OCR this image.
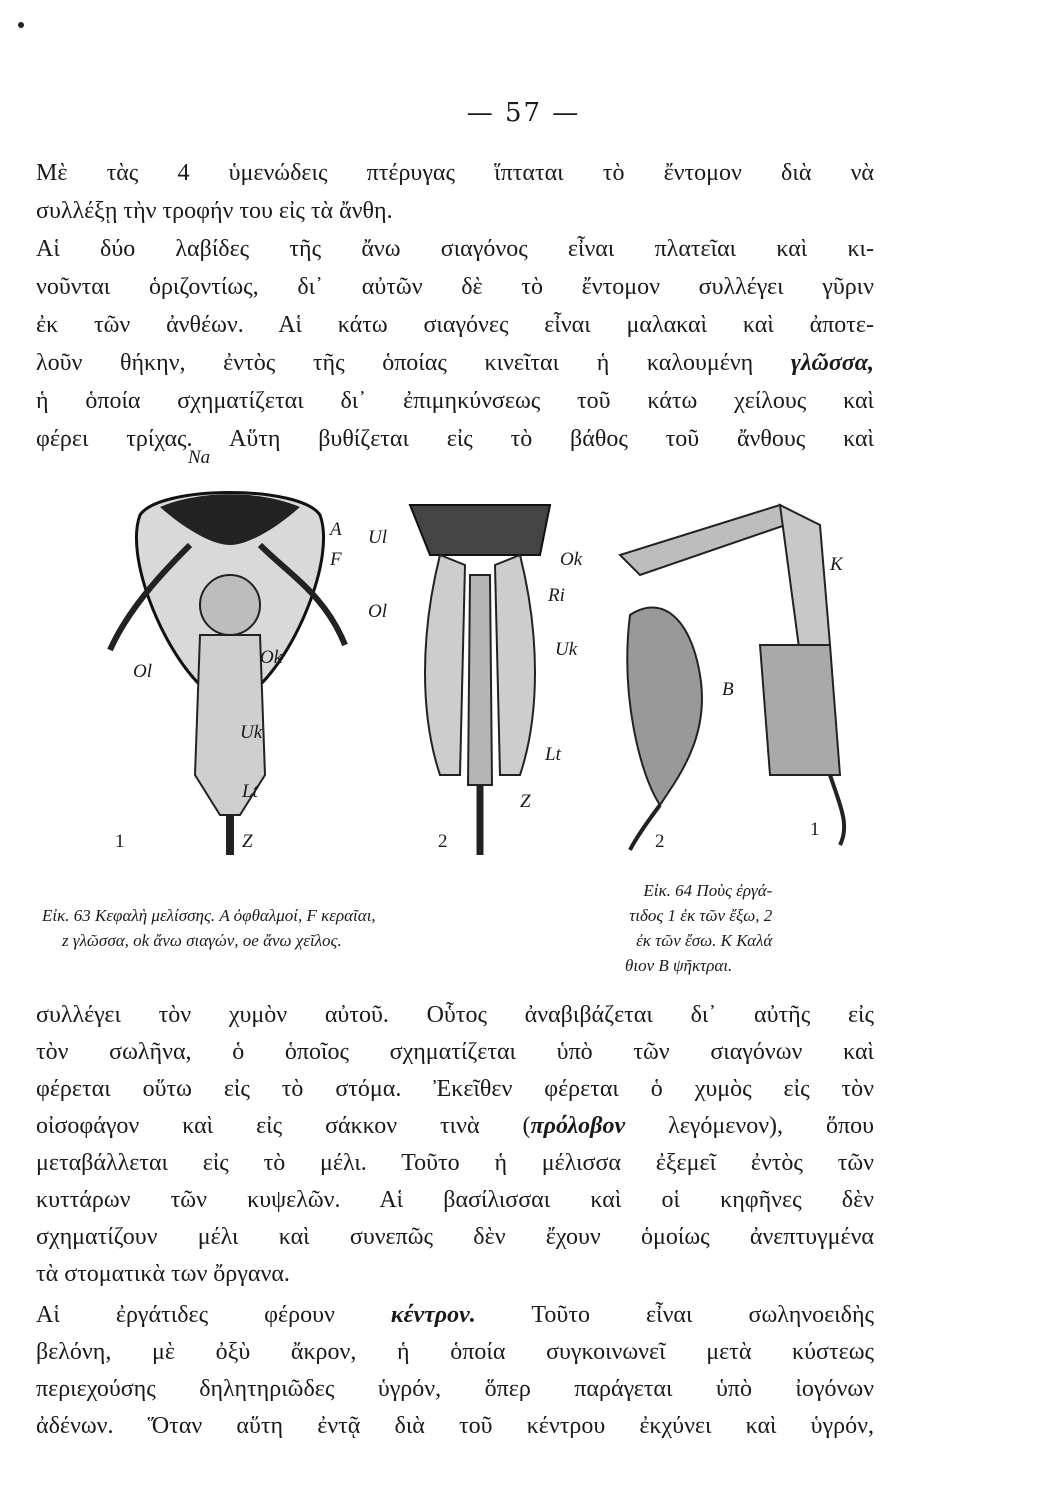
— 57 —
Μὲ τὰς 4 ὑμενώδεις πτέρυγας ἵπταται τὸ ἔντομον διὰ νὰ
συλλέξῃ τὴν τροφήν του εἰς τὰ ἄνθη.
Αἱ δύο λαβίδες τῆς ἄνω σιαγόνος εἶναι πλατεῖαι καὶ κι-
νοῦνται ὁριζοντίως, δι᾽ αὐτῶν δὲ τὸ ἔντομον συλλέγει γῦριν
ἐκ τῶν ἀνθέων. Αἱ κάτω σιαγόνες εἶναι μαλακαὶ καὶ ἀποτε-
λοῦν θήκην, ἐντὸς τῆς ὁποίας κινεῖται ἡ καλουμένη γλῶσσα,
ἡ ὁποία σχηματίζεται δι᾽ ἐπιμηκύνσεως τοῦ κάτω χείλους καὶ
φέρει τρίχας. Αὕτη βυθίζεται εἰς τὸ βάθος τοῦ ἄνθους καὶ
Na
A
F
Ol
Ok
Uk
Lt
Z
1
Ul
Ok
Ol
Ri
Uk
Lt
Z
2
K
B
2
1
Εἰκ. 63 Κεφαλὴ μελίσσης. A ὀφθαλμοί, F κεραῖαι,
z γλῶσσα, ok ἄνω σιαγών, oe ἄνω χεῖλος.
Εἰκ. 64 Ποὺς ἐργά-
τιδος 1 ἐκ τῶν ἔξω, 2
ἐκ τῶν ἔσω. K Καλά
θιον B ψῆκτραι.
συλλέγει τὸν χυμὸν αὐτοῦ. Οὗτος ἀναβιβάζεται δι᾽ αὐτῆς εἰς
τὸν σωλῆνα, ὁ ὁποῖος σχηματίζεται ὑπὸ τῶν σιαγόνων καὶ
φέρεται οὕτω εἰς τὸ στόμα. Ἐκεῖθεν φέρεται ὁ χυμὸς εἰς τὸν
οἰσοφάγον καὶ εἰς σάκκον τινὰ (πρόλοβον λεγόμενον), ὅπου
μεταβάλλεται εἰς τὸ μέλι. Τοῦτο ἡ μέλισσα ἐξεμεῖ ἐντὸς τῶν
κυττάρων τῶν κυψελῶν. Αἱ βασίλισσαι καὶ οἱ κηφῆνες δὲν
σχηματίζουν μέλι καὶ συνεπῶς δὲν ἔχουν ὁμοίως ἀνεπτυγμένα
τὰ στοματικὰ των ὄργανα.
Αἱ ἐργάτιδες φέρουν κέντρον. Τοῦτο εἶναι σωληνοειδὴς
βελόνη, μὲ ὀξὺ ἄκρον, ἡ ὁποία συγκοινωνεῖ μετὰ κύστεως
περιεχούσης δηλητηριῶδες ὑγρόν, ὅπερ παράγεται ὑπὸ ἰογόνων
ἀδένων. Ὅταν αὕτη ἐντᾷ διὰ τοῦ κέντρου ἐκχύνει καὶ ὑγρόν,
